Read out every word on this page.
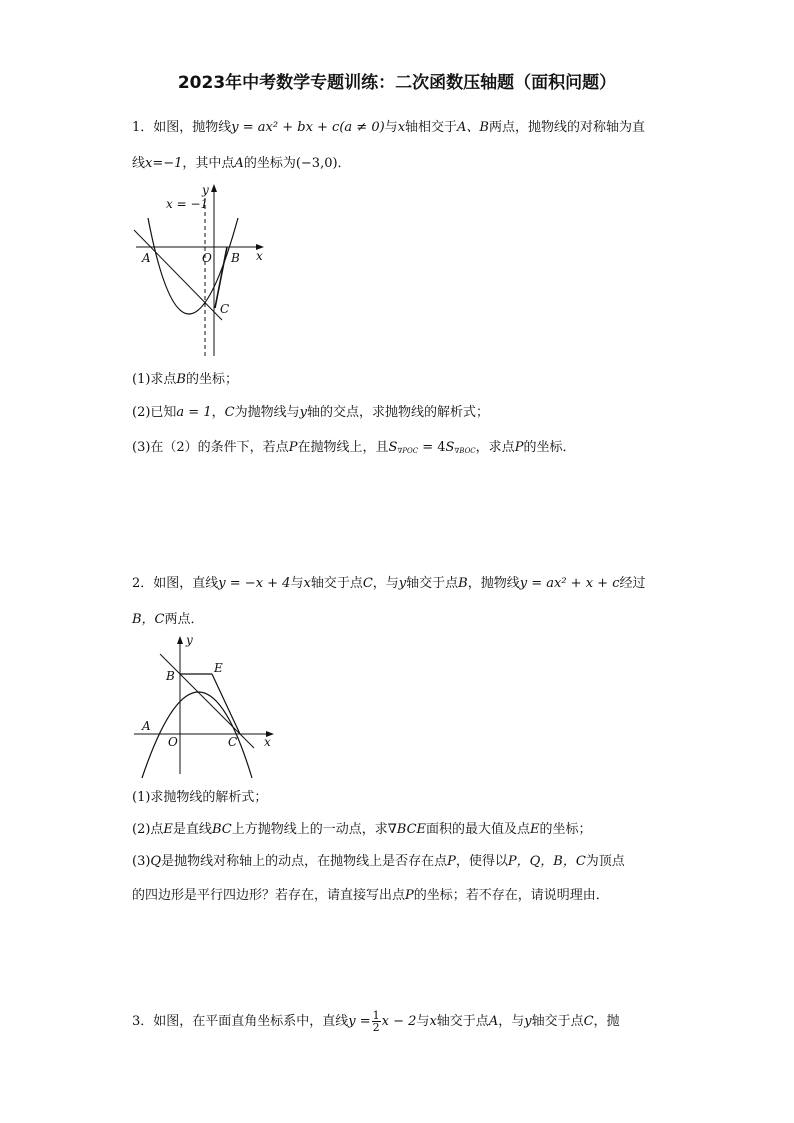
2023年中考数学专题训练：二次函数压轴题（面积问题）
1．如图，抛物线y = ax² + bx + c(a ≠ 0)与x轴相交于A、B两点，抛物线的对称轴为直
线x=−1，其中点A的坐标为(−3,0)．
x = −1
y
x
A	O B
C
(1)求点B的坐标；
(2)已知a = 1，C为抛物线与y轴的交点，求抛物线的解析式；
(3)在（2）的条件下，若点P在抛物线上，且$S_{\nabla POC} = 4S_{\nabla BOC}$，求点P的坐标．
2．如图，直线y = −x + 4与x轴交于点C，与y轴交于点B，抛物线y = ax² + x + c经过
B，C两点．
y
x
A
O
B
C
E
(1)求抛物线的解析式；
(2)点E是直线BC上方抛物线上的一动点，求∇BCE面积的最大值及点E的坐标；
(3)Q是抛物线对称轴上的动点，在抛物线上是否存在点P，使得以P，Q，B，C为顶点
的四边形是平行四边形？若存在，请直接写出点P的坐标；若不存在，请说明理由．
3．如图，在平面直角坐标系中，直线$y = \frac{1}{2}$ x − 2与x轴交于点A，与y轴交于点C，抛
